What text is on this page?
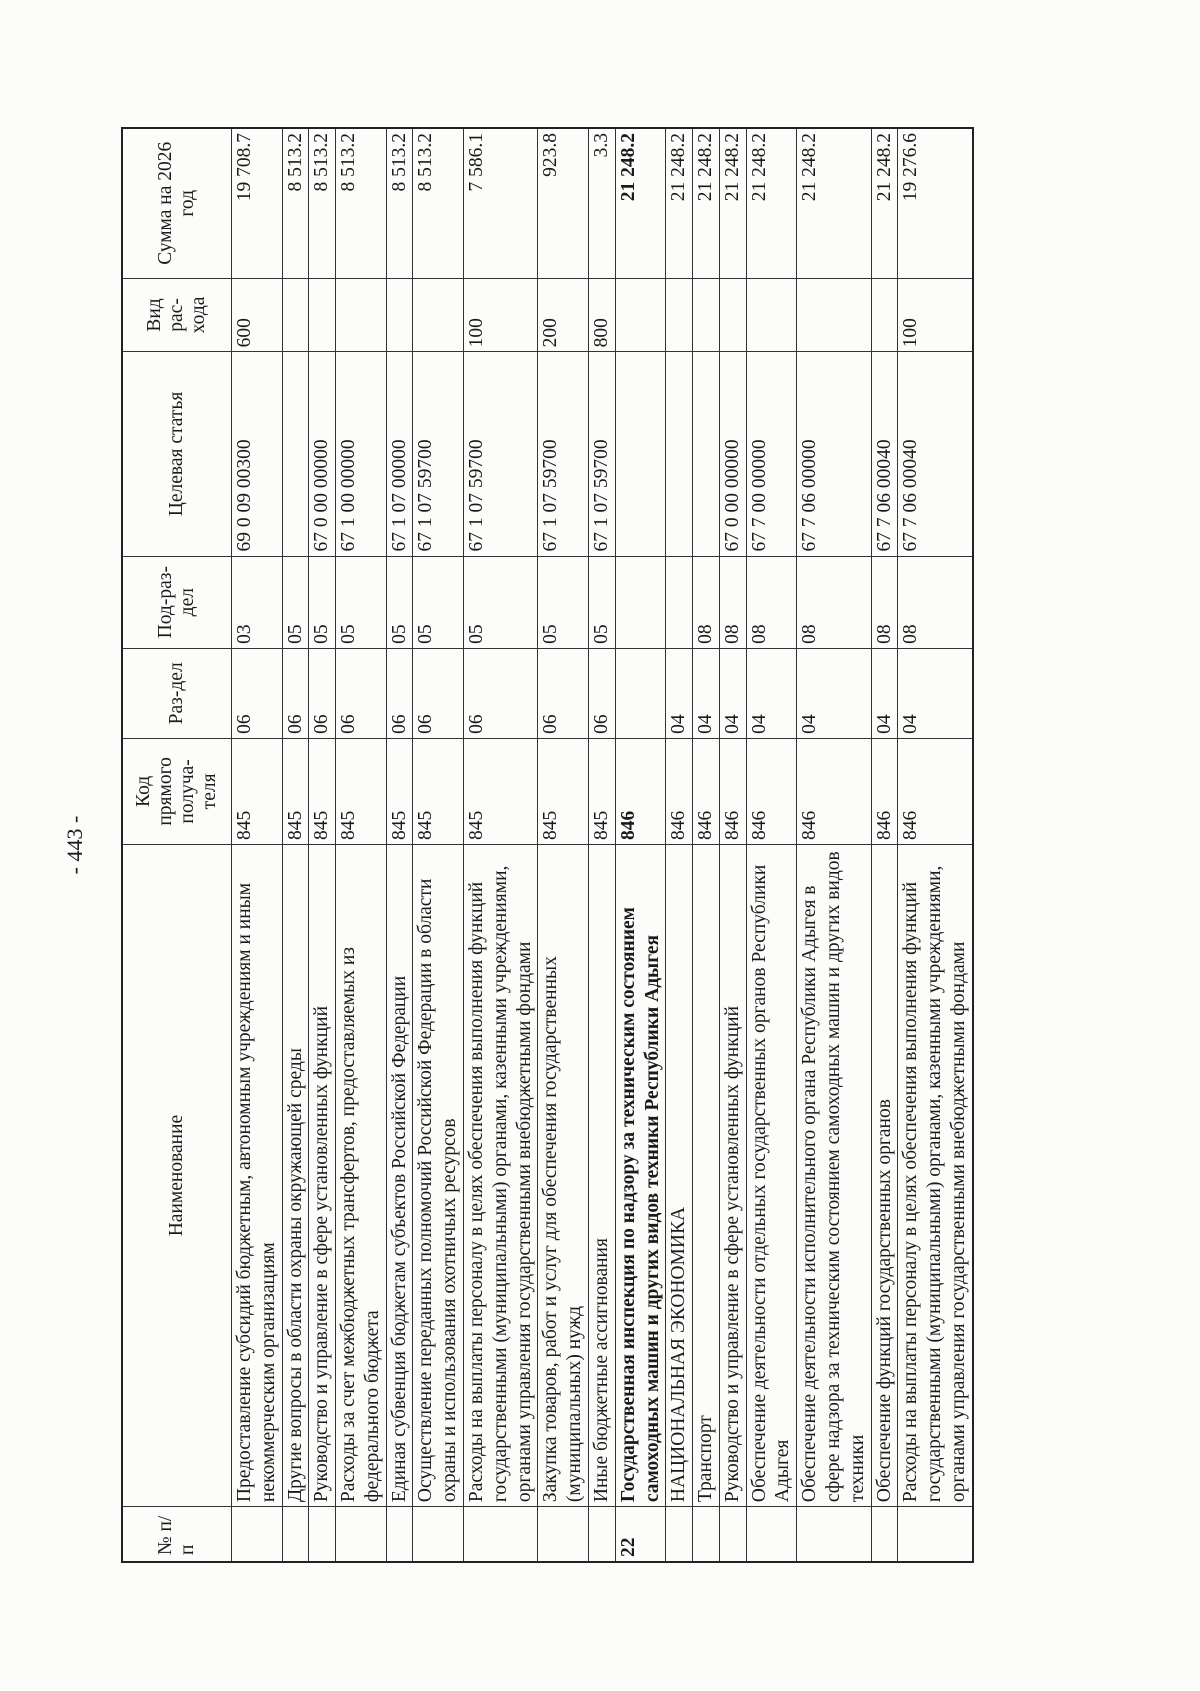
- 443 -
№ п/п	Наименование	Код прямого получа-теля	Раз-дел	Под-раз-дел	Целевая статья	Вид рас-хода	Сумма на 2026 год
	Предоставление субсидий бюджетным, автономным учреждениям и иным некоммерческим организациям	845	06	03	69 0 09 00300	600	19 708.7
	Другие вопросы в области охраны окружающей среды	845	06	05			8 513.2
	Руководство и управление в сфере установленных функций	845	06	05	67 0 00 00000		8 513.2
	Расходы за счет межбюджетных трансфертов, предоставляемых из федерального бюджета	845	06	05	67 1 00 00000		8 513.2
	Единая субвенция бюджетам субъектов Российской Федерации	845	06	05	67 1 07 00000		8 513.2
	Осуществление переданных полномочий Российской Федерации в области охраны и использования охотничьих ресурсов	845	06	05	67 1 07 59700		8 513.2
	Расходы на выплаты персоналу в целях обеспечения выполнения функций государственными (муниципальными) органами, казенными учреждениями, органами управления государственными внебюджетными фондами	845	06	05	67 1 07 59700	100	7 586.1
	Закупка товаров, работ и услуг для обеспечения государственных (муниципальных) нужд	845	06	05	67 1 07 59700	200	923.8
	Иные бюджетные ассигнования	845	06	05	67 1 07 59700	800	3.3
22	Государственная инспекция по надзору за техническим состоянием самоходных машин и других видов техники Республики Адыгея	846					21 248.2
	НАЦИОНАЛЬНАЯ ЭКОНОМИКА	846	04				21 248.2
	Транспорт	846	04	08			21 248.2
	Руководство и управление в сфере установленных функций	846	04	08	67 0 00 00000		21 248.2
	Обеспечение деятельности отдельных государственных органов Республики Адыгея	846	04	08	67 7 00 00000		21 248.2
	Обеспечение деятельности исполнительного органа Республики Адыгея в сфере надзора за техническим состоянием самоходных машин и других видов техники	846	04	08	67 7 06 00000		21 248.2
	Обеспечение функций государственных органов	846	04	08	67 7 06 00040		21 248.2
	Расходы на выплаты персоналу в целях обеспечения выполнения функций государственными (муниципальными) органами, казенными учреждениями, органами управления государственными внебюджетными фондами	846	04	08	67 7 06 00040	100	19 276.6
